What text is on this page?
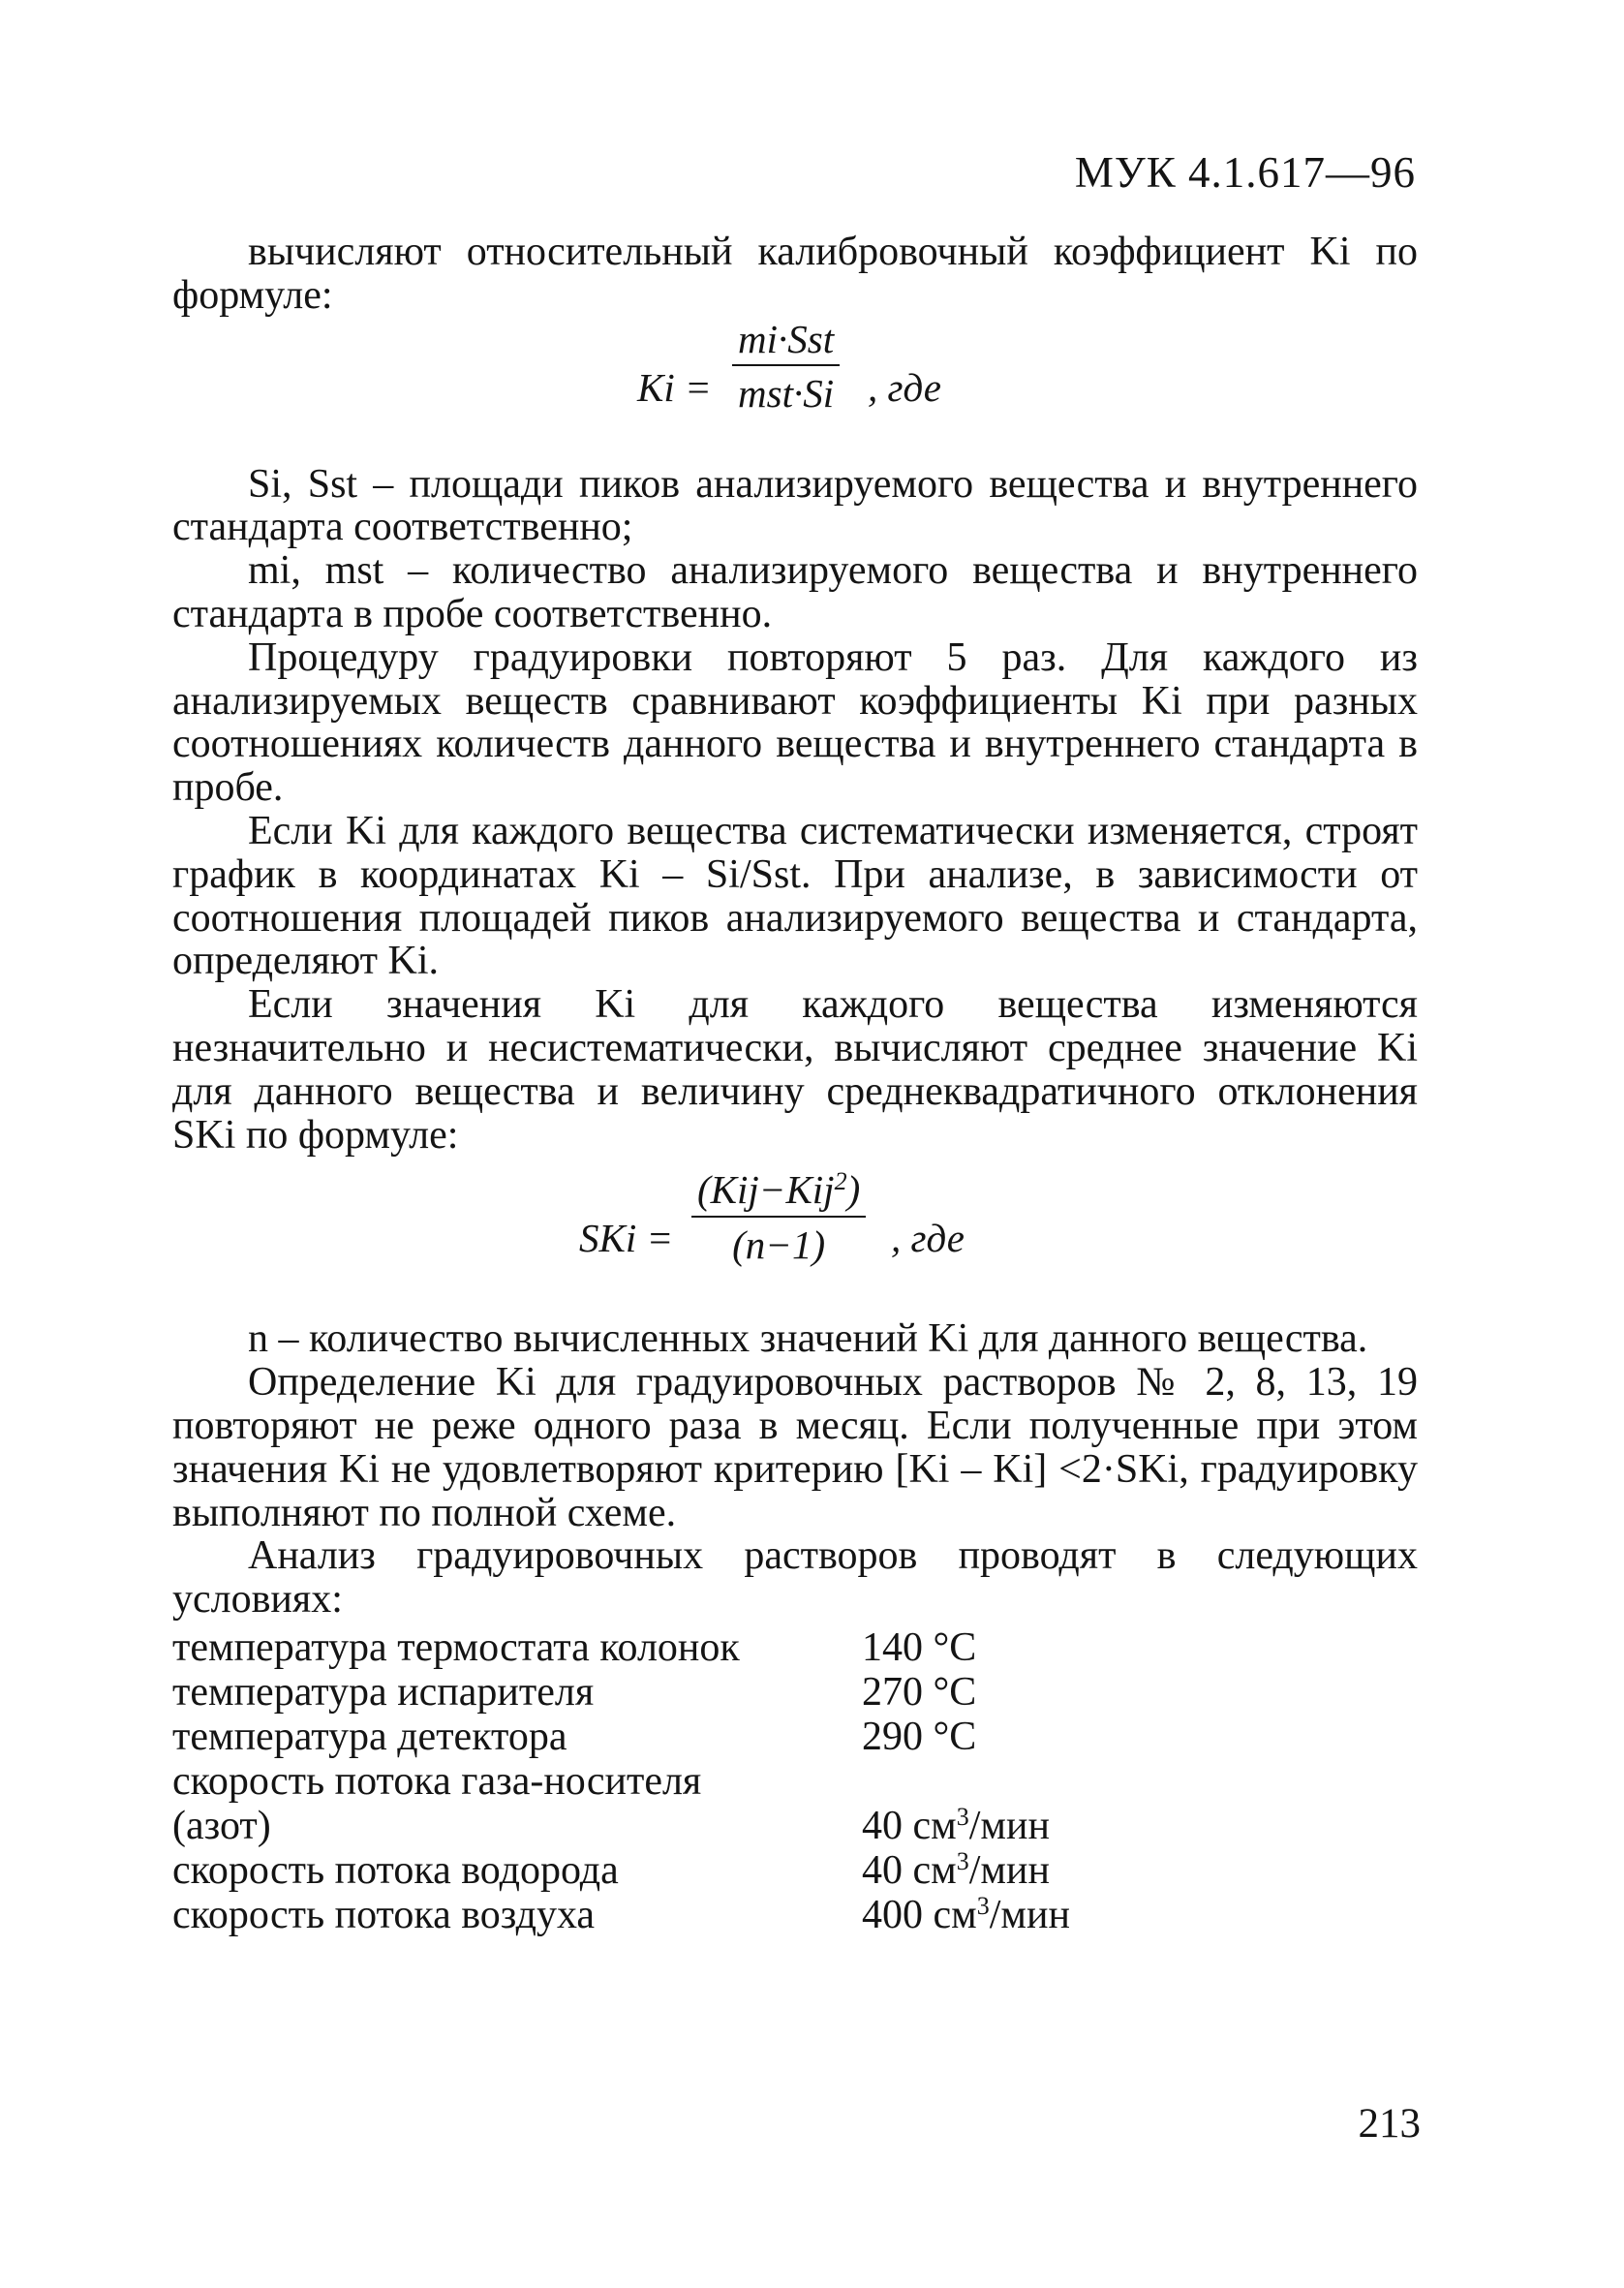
МУК 4.1.617—96

вычисляют относительный калибровочный коэффициент Ki по формуле:

Ki =
mi·Sst
mst·Si , где

Si, Sst – площади пиков анализируемого вещества и внутреннего стандарта соответственно;

mi, mst – количество анализируемого вещества и внутреннего стандарта в пробе соответственно.

Процедуру градуировки повторяют 5 раз. Для каждого из анализируемых веществ сравнивают коэффициенты Ki при разных соотношениях количеств данного вещества и внутреннего стандарта в пробе.

Если Ki для каждого вещества систематически изменяется, строят график в координатах Ki – Si/Sst. При анализе, в зависимости от соотношения площадей пиков анализируемого вещества и стандарта, определяют Ki.

Если значения Ki для каждого вещества изменяются незначительно и несистематически, вычисляют среднее значение Ki для данного вещества и величину среднеквадратичного отклонения SKi по формуле:

SKi =
(Kij−Kij$^2$)
(n−1)	, где

n – количество вычисленных значений Ki для данного вещества.

Определение Ki для градуировочных растворов № 2, 8, 13, 19 повторяют не реже одного раза в месяц. Если полученные при этом значения Ki не удовлетворяют критерию [Ki – Ki] <2·SKi, градуировку выполняют по полной схеме.

Анализ градуировочных растворов проводят в следующих условиях:

температура термостата колонок	140 °С
температура испарителя	270 °С
температура детектора	290 °С
скорость потока газа-носителя
(азот)	40 $см^3$/мин
скорость потока водорода	40 $см^3$/мин
скорость потока воздуха	400 $см^3$/мин
213
